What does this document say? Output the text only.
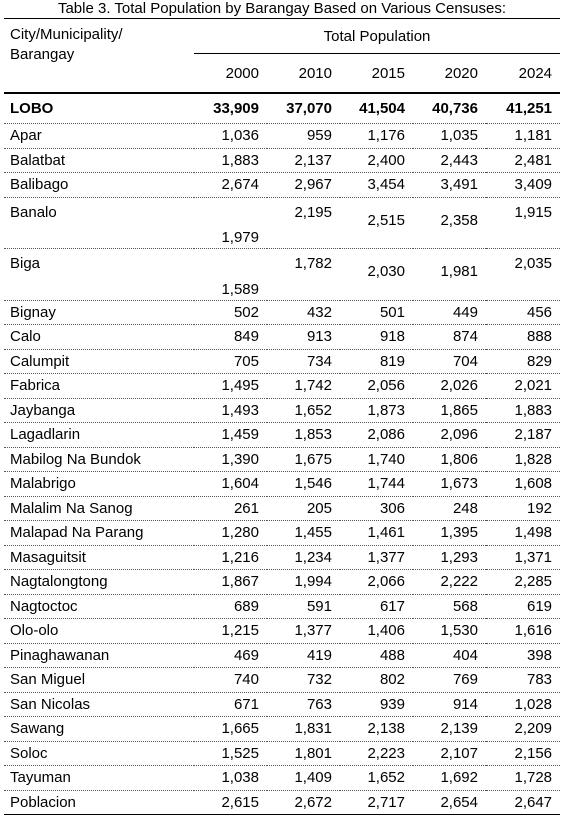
Table 3. Total Population by Barangay Based on Various Censuses:
City/Municipality/
Barangay	Total Population				
	2000	2010	2015	2020	2024
LOBO	33,909	37,070	41,504	40,736	41,251
Apar	1,036	959	1,176	1,035	1,181
Balatbat	1,883	2,137	2,400	2,443	2,481
Balibago	2,674	2,967	3,454	3,491	3,409
Banalo	1,979	2,195	2,515	2,358	1,915
Biga	1,589	1,782	2,030	1,981	2,035
Bignay	502	432	501	449	456
Calo	849	913	918	874	888
Calumpit	705	734	819	704	829
Fabrica	1,495	1,742	2,056	2,026	2,021
Jaybanga	1,493	1,652	1,873	1,865	1,883
Lagadlarin	1,459	1,853	2,086	2,096	2,187
Mabilog Na Bundok	1,390	1,675	1,740	1,806	1,828
Malabrigo	1,604	1,546	1,744	1,673	1,608
Malalim Na Sanog	261	205	306	248	192
Malapad Na Parang	1,280	1,455	1,461	1,395	1,498
Masaguitsit	1,216	1,234	1,377	1,293	1,371
Nagtalongtong	1,867	1,994	2,066	2,222	2,285
Nagtoctoc	689	591	617	568	619
Olo-olo	1,215	1,377	1,406	1,530	1,616
Pinaghawanan	469	419	488	404	398
San Miguel	740	732	802	769	783
San Nicolas	671	763	939	914	1,028
Sawang	1,665	1,831	2,138	2,139	2,209
Soloc	1,525	1,801	2,223	2,107	2,156
Tayuman	1,038	1,409	1,652	1,692	1,728
Poblacion	2,615	2,672	2,717	2,654	2,647
